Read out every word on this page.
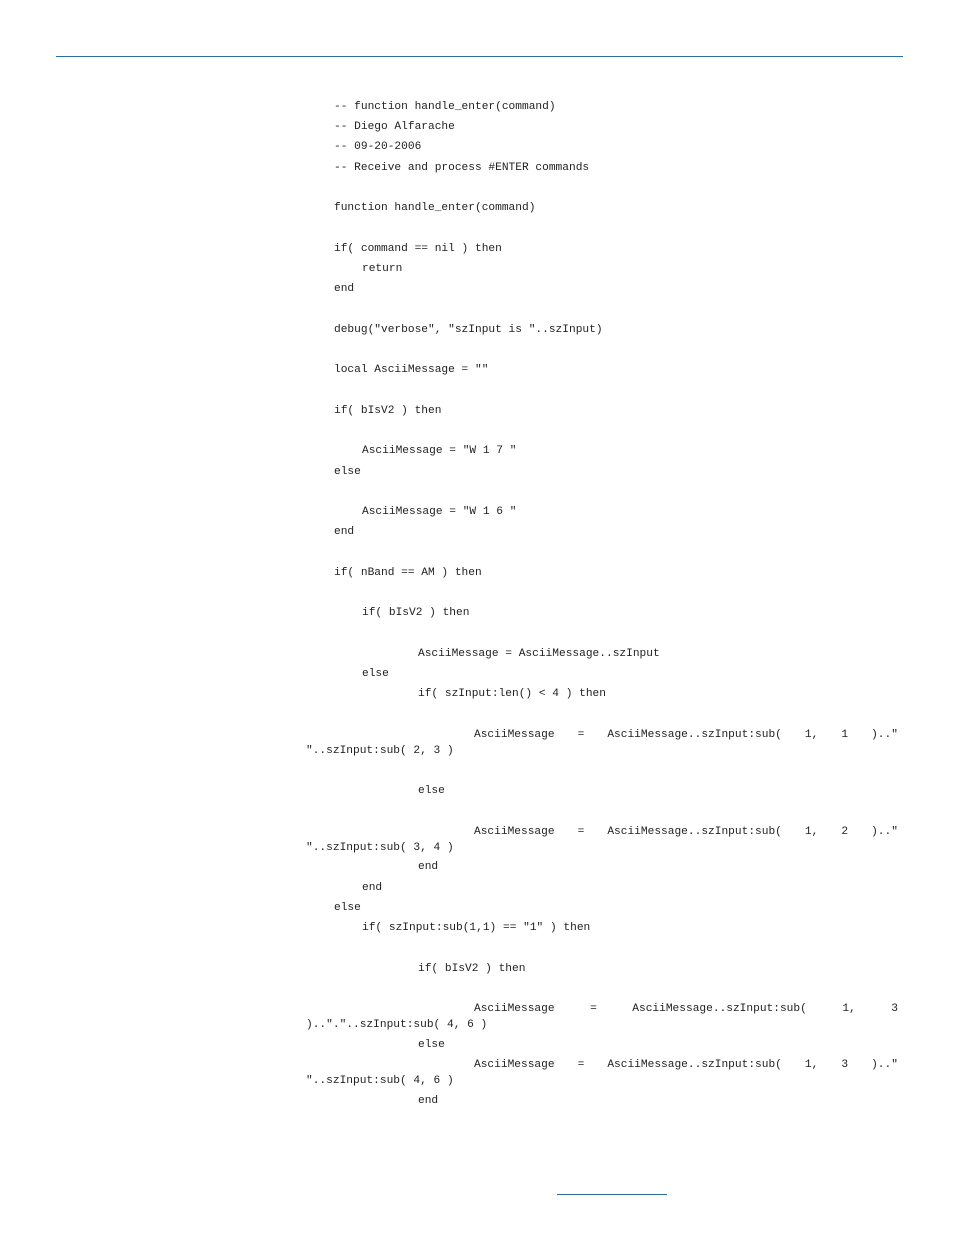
-- function handle_enter(command)
-- Diego Alfarache
-- 09-20-2006
-- Receive and process #ENTER commands
function handle_enter(command)
if( command == nil ) then
return
end
debug("verbose", "szInput is "..szInput)
local AsciiMessage = ""
if( bIsV2 ) then
AsciiMessage = "W 1 7 "
else
AsciiMessage = "W 1 6 "
end
if( nBand == AM ) then
if( bIsV2 ) then
AsciiMessage = AsciiMessage..szInput
else
if( szInput:len() < 4 ) then
AsciiMessage = AsciiMessage..szInput:sub( 1, 1 ).."
"..szInput:sub( 2, 3 )
else
AsciiMessage = AsciiMessage..szInput:sub( 1, 2 ).."
"..szInput:sub( 3, 4 )
end
end
else
if( szInput:sub(1,1) == "1" ) then
if( bIsV2 ) then
AsciiMessage	=	AsciiMessage..szInput:sub(	1,	3
).."."..szInput:sub( 4, 6 )
else
AsciiMessage = AsciiMessage..szInput:sub( 1, 3 ).."
"..szInput:sub( 4, 6 )
end
